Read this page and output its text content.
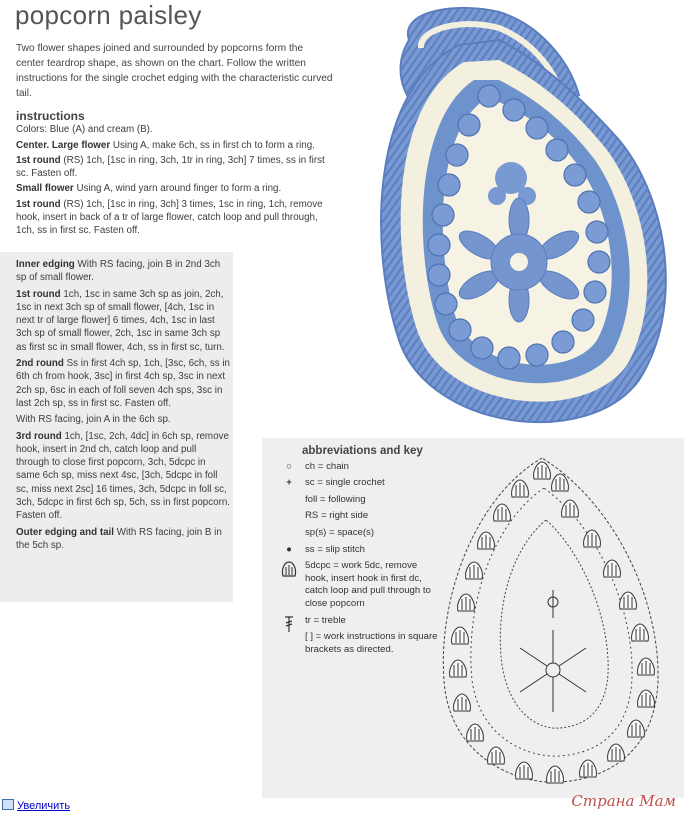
popcorn paisley
Two flower shapes joined and surrounded by popcorns form the center teardrop shape, as shown on the chart. Follow the written instructions for the single crochet edging with the characteristic curved tail.
instructions

Colors: Blue (A) and cream (B).

Center. Large flower Using A, make 6ch, ss in first ch to form a ring.

1st round (RS) 1ch, [1sc in ring, 3ch, 1tr in ring, 3ch] 7 times, ss in first sc. Fasten off.

Small flower Using A, wind yarn around finger to form a ring.

1st round (RS) 1ch, [1sc in ring, 3ch] 3 times, 1sc in ring, 1ch, remove hook, insert in back of a tr of large flower, catch loop and pull through, 1ch, ss in first sc. Fasten off.

Inner edging With RS facing, join B in 2nd 3ch sp of small flower.

1st round 1ch, 1sc in same 3ch sp as join, 2ch, 1sc in next 3ch sp of small flower, [4ch, 1sc in next tr of large flower] 6 times, 4ch, 1sc in last 3ch sp of small flower, 2ch, 1sc in same 3ch sp as first sc in small flower, 4ch, ss in first sc, turn.

2nd round Ss in first 4ch sp, 1ch, [3sc, 6ch, ss in 6th ch from hook, 3sc] in first 4ch sp, 3sc in next 2ch sp, 6sc in each of foll seven 4ch sps, 3sc in last 2ch sp, ss in first sc. Fasten off.

With RS facing, join A in the 6ch sp.

3rd round 1ch, [1sc, 2ch, 4dc] in 6ch sp, remove hook, insert in 2nd ch, catch loop and pull through to close first popcorn, 3ch, 5dcpc in same 6ch sp, miss next 4sc, [3ch, 5dcpc in foll sc, miss next 2sc] 16 times, 3ch, 5dcpc in foll sc, 3ch, 5dcpc in first 6ch sp, 5ch, ss in first popcorn. Fasten off.

Outer edging and tail With RS facing, join B in the 5ch sp.

abbreviations and key
○	ch = chain
+	sc = single crochet
foll = following
RS = right side
sp(s) = space(s)
●	ss = slip stitch
5dcpc = work 5dc, remove hook, insert hook in first dc, catch loop and pull through to close popcorn
tr = treble
[ ] = work instructions in square brackets as directed.
Увеличить	Страна Мам
